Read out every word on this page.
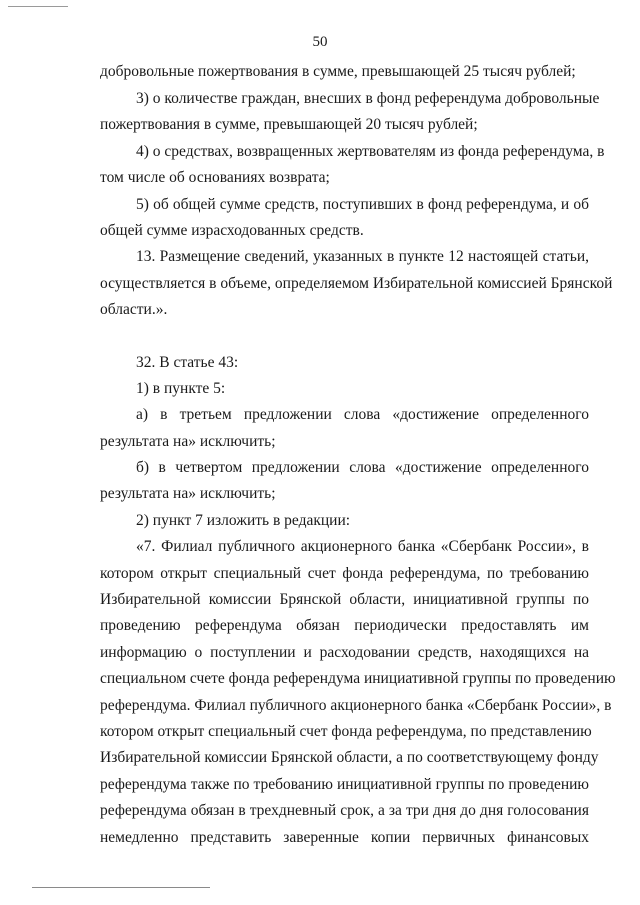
50
добровольные пожертвования в сумме, превышающей 25 тысяч рублей;
3) о количестве граждан, внесших в фонд референдума добровольные
пожертвования в сумме, превышающей 20 тысяч рублей;
4) о средствах, возвращенных жертвователям из фонда референдума, в
том числе об основаниях возврата;
5) об общей сумме средств, поступивших в фонд референдума, и об
общей сумме израсходованных средств.
13. Размещение сведений, указанных в пункте 12 настоящей статьи,
осуществляется в объеме, определяемом Избирательной комиссией Брянской
области.».
32. В статье 43:
1) в пункте 5:
а) в третьем предложении слова «достижение определенного
результата на» исключить;
б) в четвертом предложении слова «достижение определенного
результата на» исключить;
2) пункт 7 изложить в редакции:
«7. Филиал публичного акционерного банка «Сбербанк России», в
котором открыт специальный счет фонда референдума, по требованию
Избирательной комиссии Брянской области, инициативной группы по
проведению референдума обязан периодически предоставлять им
информацию о поступлении и расходовании средств, находящихся на
специальном счете фонда референдума инициативной группы по проведению
референдума. Филиал публичного акционерного банка «Сбербанк России», в
котором открыт специальный счет фонда референдума, по представлению
Избирательной комиссии Брянской области, а по соответствующему фонду
референдума также по требованию инициативной группы по проведению
референдума обязан в трехдневный срок, а за три дня до дня голосования
немедленно представить заверенные копии первичных финансовых
